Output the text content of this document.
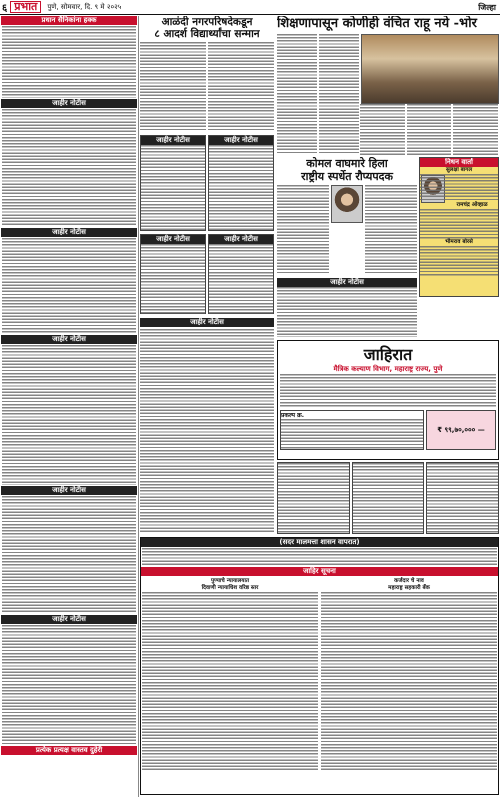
६ प्रभात	पुणे, सोमवार, दि. ९ मे २०२५	जिल्हा
प्रधान सैनिकांना हक्क
जाहीर नोटीस
जाहीर नोटीस
जाहीर नोटीस
जाहीर नोटीस
जाहीर नोटीस
प्रत्येक प्रत्यक्ष वास्तव दुहेरी
आळंदी नगरपरिषदेकडून
८ आदर्श विद्यार्थ्यांचा सन्मान
जाहीर नोटीस	जाहीर नोटीस
जाहीर नोटीस	जाहीर नोटीस
जाहीर नोटीस
शिक्षणापासून कोणीही वंचित राहू नये -भोर
कोमल वाघमारे हिला
राष्ट्रीय स्पर्धेत रौप्यपदक
निधन वार्ता
सुलक्षा बागल
रामचंद्र ओव्हाळ
भीमराव बोरसे
जाहीर नोटीस
जाहिरात
मैत्रिक कल्याण विभाग, महाराष्ट्र राज्य, पुणे
प्रकल्प क्र.
₹ ९९,७०,००० —
(सदर मालमत्ता शासन वापरात)
जाहिर सूचना
पुण्याचे न्यायालयात
दिवाणी न्यायाधिश वरिष्ठ स्तर
कर्जदार चे नाव
महाराष्ट्र सहकारी बँक
